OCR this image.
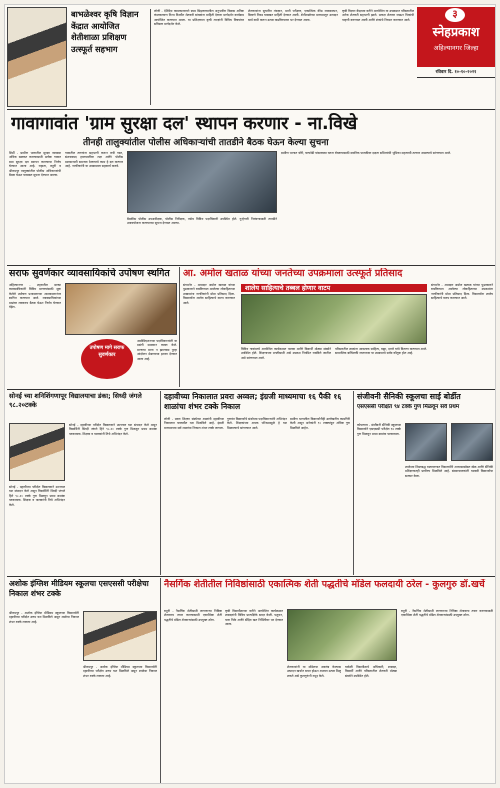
बाभळेश्वर कृषि विज्ञान केंद्रात आयोजित शेतीशाळा प्रशिक्षण उत्स्फूर्त सहभाग
लोणी - देशिंदेच कामकाजाराने स्थम सिझ्णाय्यातील अनुभवीरा विद्यास अतिक कंजकरायण निश्च विश्वीन शेतकरी बांधवांना माहिती देणारा मार्गदर्शन कार्यक्रम आयोजित करण्यात आला. या प्रशिक्षणात कृषी तज्ज्ञांनी विविध विषयांवर सविस्तर मार्गदर्शन केले.
शेतकऱ्यांना सुधारित तंत्रज्ञान, माती परीक्षण, एकात्मिक कीड व्यवस्थापन, बियाणे निवड याबाबत माहिती देण्यात आली. शेतीशाळेच्या माध्यमातून उत्पादन खर्च कमी करून उत्पन्न वाढविण्यावर भर देण्यात आला.
कृषी विज्ञान केंद्राच्या वतीने आयोजित या उपक्रमात परिसरातील अनेक शेतकरी सहभागी झाले. प्रत्यक्ष शेतावर जाऊन पिकांची पाहणी करण्यात आली आणि शंकांचे निरसन करण्यात आले.	३
स्नेहप्रकाश
अहिल्यानगर जिल्हा
रविवार दि. १०-१०-२०२१
गावागावांत 'ग्राम सुरक्षा दल' स्थापन करणार - ना.विखे
तीनही तालुक्यांतील पोलीस अधिकाऱ्यांची तातडीने बैठक घेऊन केल्या सुचना
शिर्डी - ग्रामीण भागातील सुरक्षा व्यवस्था अधिक बळकट करण्यासाठी प्रत्येक गावात ग्राम सुरक्षा दल स्थापन करण्याचा निर्णय घेण्यात आला आहे. राहाता, राहुरी व श्रीरामपूर तालुक्यांतील पोलीस अधिकाऱ्यांची बैठक घेऊन याबाबत सूचना देण्यात आल्या.
गावातील तरुणांना सहभागी करून रात्री गस्त, संशयास्पद हालचालींवर लक्ष आणि पोलीस प्रशासनाशी समन्वय ठेवण्याचे काम हे दल करणार आहे. नागरिकांनी या उपक्रमाला सहकार्य करावे.
बैठकीस पोलीस उपअधीक्षक, पोलीस निरीक्षक, तसेच विविध पदाधिकारी उपस्थित होते. गुन्हेगारी नियंत्रणासाठी तातडीने उपाययोजना करण्याच्या सूचना देण्यात आल्या.
ग्रामीण भागात चोरी, घरफोडी यांसारख्या घटना रोखण्यासाठी स्थानिक पातळीवर दक्षता समित्यांची भूमिका महत्वाची ठरणार असल्याचे सांगण्यात आले.
सराफ सुवर्णकार व्यावसायिकांचे उपोषण स्थगित
अहिल्यानगर - शहरातील सराफ व्यावसायिकांनी विविध मागण्यांसाठी सुरू केलेले उपोषण प्रशासनाच्या आश्वासनानंतर स्थगित करण्यात आले. व्यावसायिकांच्या प्रश्नांवर लवकरच बैठक घेऊन निर्णय घेण्यात येईल.
उपोषण मागे सराफ सुवर्णकार
असोसिएशनच्या पदाधिकाऱ्यांनी या प्रसंगी समाधान व्यक्त केले. मागण्या मान्य न झाल्यास पुन्हा आंदोलन छेडण्याचा इशारा देण्यात आला आहे.
आ. अमोल खताळ यांच्या जनतेच्या उपक्रमाला उत्स्फूर्त प्रतिसाद
संगमनेर - आमदार अमोल खताळ यांच्या पुढाकाराने राबविण्यात आलेल्या लोकहिताच्या उपक्रमांना नागरिकांनी मोठा प्रतिसाद दिला. विद्यार्थ्यांना शालेय साहित्याचे वाटप करण्यात आले.
शालेय साहित्याचे तब्बल होणार वाटप
विविध गावांमध्ये आयोजित कार्यक्रमात पालक आणि विद्यार्थी मोठ्या संख्येने उपस्थित होते. शिक्षणाच्या प्रगतीसाठी असे उपक्रम नियमित राबविले जातील असे सांगण्यात आले.
परिसरातील शाळांना आवश्यक साहित्य, वह्या, दप्तरे यांचे वितरण करण्यात आले. सामाजिक बांधिलकी जपणाऱ्या या उपक्रमाचे सर्वत्र कौतुक होत आहे.
संगमनेर - आमदार अमोल खताळ यांच्या पुढाकाराने राबविण्यात आलेल्या लोकहिताच्या उपक्रमांना नागरिकांनी मोठा प्रतिसाद दिला. विद्यार्थ्यांना शालेय साहित्याचे वाटप करण्यात आले.
सोनई च्या शनिशिंगणापूर विद्यालयाचा डंका; सिध्दी जंगले ९८.२०टक्के
सोनई - दहावीच्या परीक्षेत विद्यालयाने उज्ज्वल यश संपादन केले असून विद्यार्थिनी सिध्दी जंगले हिने ९८.२० टक्के गुण मिळवून प्रथम क्रमांक पटकावला. शिक्षक व पालकांनी तिचे अभिनंदन केले.
सोनई - दहावीच्या परीक्षेत विद्यालयाने उज्ज्वल यश संपादन केले असून विद्यार्थिनी सिध्दी जंगले हिने ९८.२० टक्के गुण मिळवून प्रथम क्रमांक पटकावला. शिक्षक व पालकांनी तिचे अभिनंदन केले.
दहावीच्या निकालात प्रवरा अव्वल; इंग्रजी माध्यमाचा १६ पैकी १६ शाळांचा शंभर टक्के निकाल
लोणी - प्रवरा शिक्षण संस्थेच्या शाळांनी दहावीच्या निकालात घवघवीत यश मिळविले आहे. इंग्रजी माध्यमाच्या सर्व शाळांचा निकाल शंभर टक्के लागला.
गुणवंत विद्यार्थ्यांचे संस्थेच्या पदाधिकाऱ्यांनी अभिनंदन केले. शिक्षकांच्या अथक परिश्रमामुळे हे यश मिळाल्याचे सांगण्यात आले.
ग्रामीण भागातील विद्यार्थ्यांनीही उल्लेखनीय कामगिरी केली असून अनेकांनी ९० टक्क्यांहून अधिक गुण मिळविले आहेत.
संजीवनी सैनिकी स्कूलचा साई बोर्डीत
एसएससी परीक्षेत ९४ टक्के गुण मिळवून सर्व प्रथम
कोपरगाव - संजीवनी सैनिकी स्कूलच्या विद्यार्थ्याने एसएससी परीक्षेत ९४ टक्के गुण मिळवून प्रथम क्रमांक पटकावला.
शाळेच्या शिस्तबद्ध वातावरणात विद्यार्थ्यांनी अभ्यासासोबत खेळ आणि सैनिकी प्रशिक्षणातही प्रावीण्य मिळविले आहे. संस्थाचालकांनी यशस्वी विद्यार्थ्यांचा सत्कार केला.
अशोक इंग्लिश मीडियम स्कूलचा एसएससी परीक्षेचा निकाल शंभर टक्के
श्रीरामपूर - अशोक इंग्लिश मीडियम स्कूलच्या विद्यार्थ्यांनी दहावीच्या परीक्षेत उत्तम यश मिळविले असून शाळेचा निकाल शंभर टक्के लागला आहे.
श्रीरामपूर - अशोक इंग्लिश मीडियम स्कूलच्या विद्यार्थ्यांनी दहावीच्या परीक्षेत उत्तम यश मिळविले असून शाळेचा निकाल शंभर टक्के लागला आहे.
नैसर्गिक शेतीतील निविष्ठांसाठी एकात्मिक शेती पद्धतीचे मॉडेल फलदायी ठरेल - कुलगुरु डॉ.खर्चे
राहुरी - नैसर्गिक शेतीसाठी लागणाऱ्या निविष्ठा शेतावरच तयार करण्यासाठी एकात्मिक शेती पद्धतीचे मॉडेल शेतकऱ्यांसाठी उपयुक्त ठरेल.
कृषी विद्यापीठाच्या वतीने आयोजित कार्यक्रमात शास्त्रज्ञांनी विविध प्रात्यक्षिके सादर केली. पशुधन, चारा पिके आणि सेंद्रिय खत निर्मितीवर भर देण्यात आला.
शेतकऱ्यांनी या मॉडेलचा अवलंब केल्यास उत्पादन खर्चात बचत होऊन शाश्वत उत्पन्न मिळू शकते असे कुलगुरूंनी नमूद केले.
यावेळी विद्यापीठाचे अधिकारी, शास्त्रज्ञ, विद्यार्थी आणि परिसरातील शेतकरी मोठ्या संख्येने उपस्थित होते.
राहुरी - नैसर्गिक शेतीसाठी लागणाऱ्या निविष्ठा शेतावरच तयार करण्यासाठी एकात्मिक शेती पद्धतीचे मॉडेल शेतकऱ्यांसाठी उपयुक्त ठरेल.
